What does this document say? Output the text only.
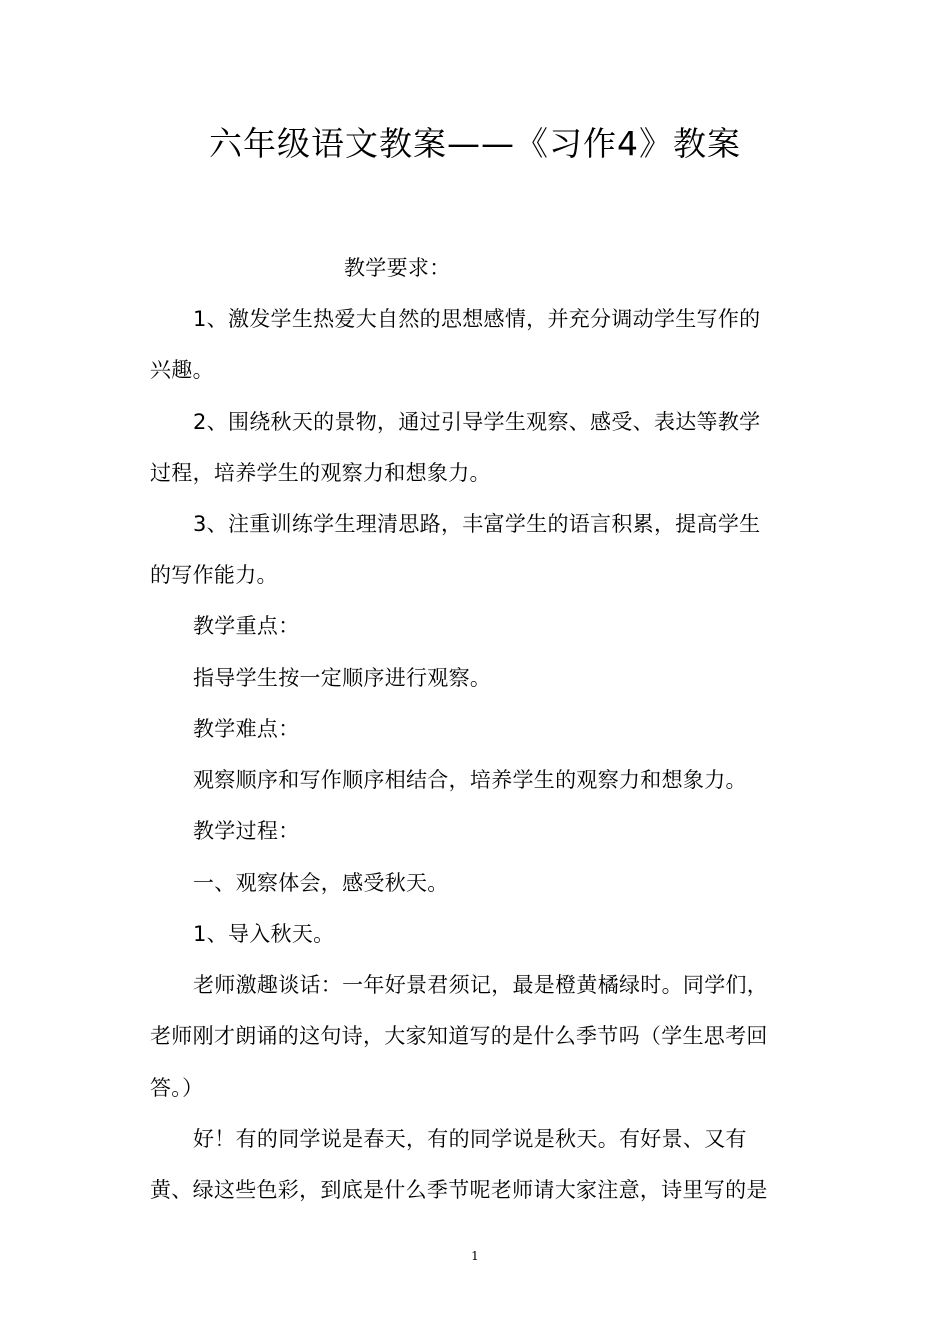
六年级语文教案——《习作4》教案
教学要求：
1、激发学生热爱大自然的思想感情，并充分调动学生写作的
兴趣。
2、围绕秋天的景物，通过引导学生观察、感受、表达等教学
过程，培养学生的观察力和想象力。
3、注重训练学生理清思路，丰富学生的语言积累，提高学生
的写作能力。
教学重点：
指导学生按一定顺序进行观察。
教学难点：
观察顺序和写作顺序相结合，培养学生的观察力和想象力。
教学过程：
一、观察体会，感受秋天。
1、导入秋天。
老师激趣谈话：一年好景君须记，最是橙黄橘绿时。同学们，
老师刚才朗诵的这句诗，大家知道写的是什么季节吗（学生思考回
答。）
好！有的同学说是春天，有的同学说是秋天。有好景、又有
黄、绿这些色彩，到底是什么季节呢老师请大家注意，诗里写的是
1
